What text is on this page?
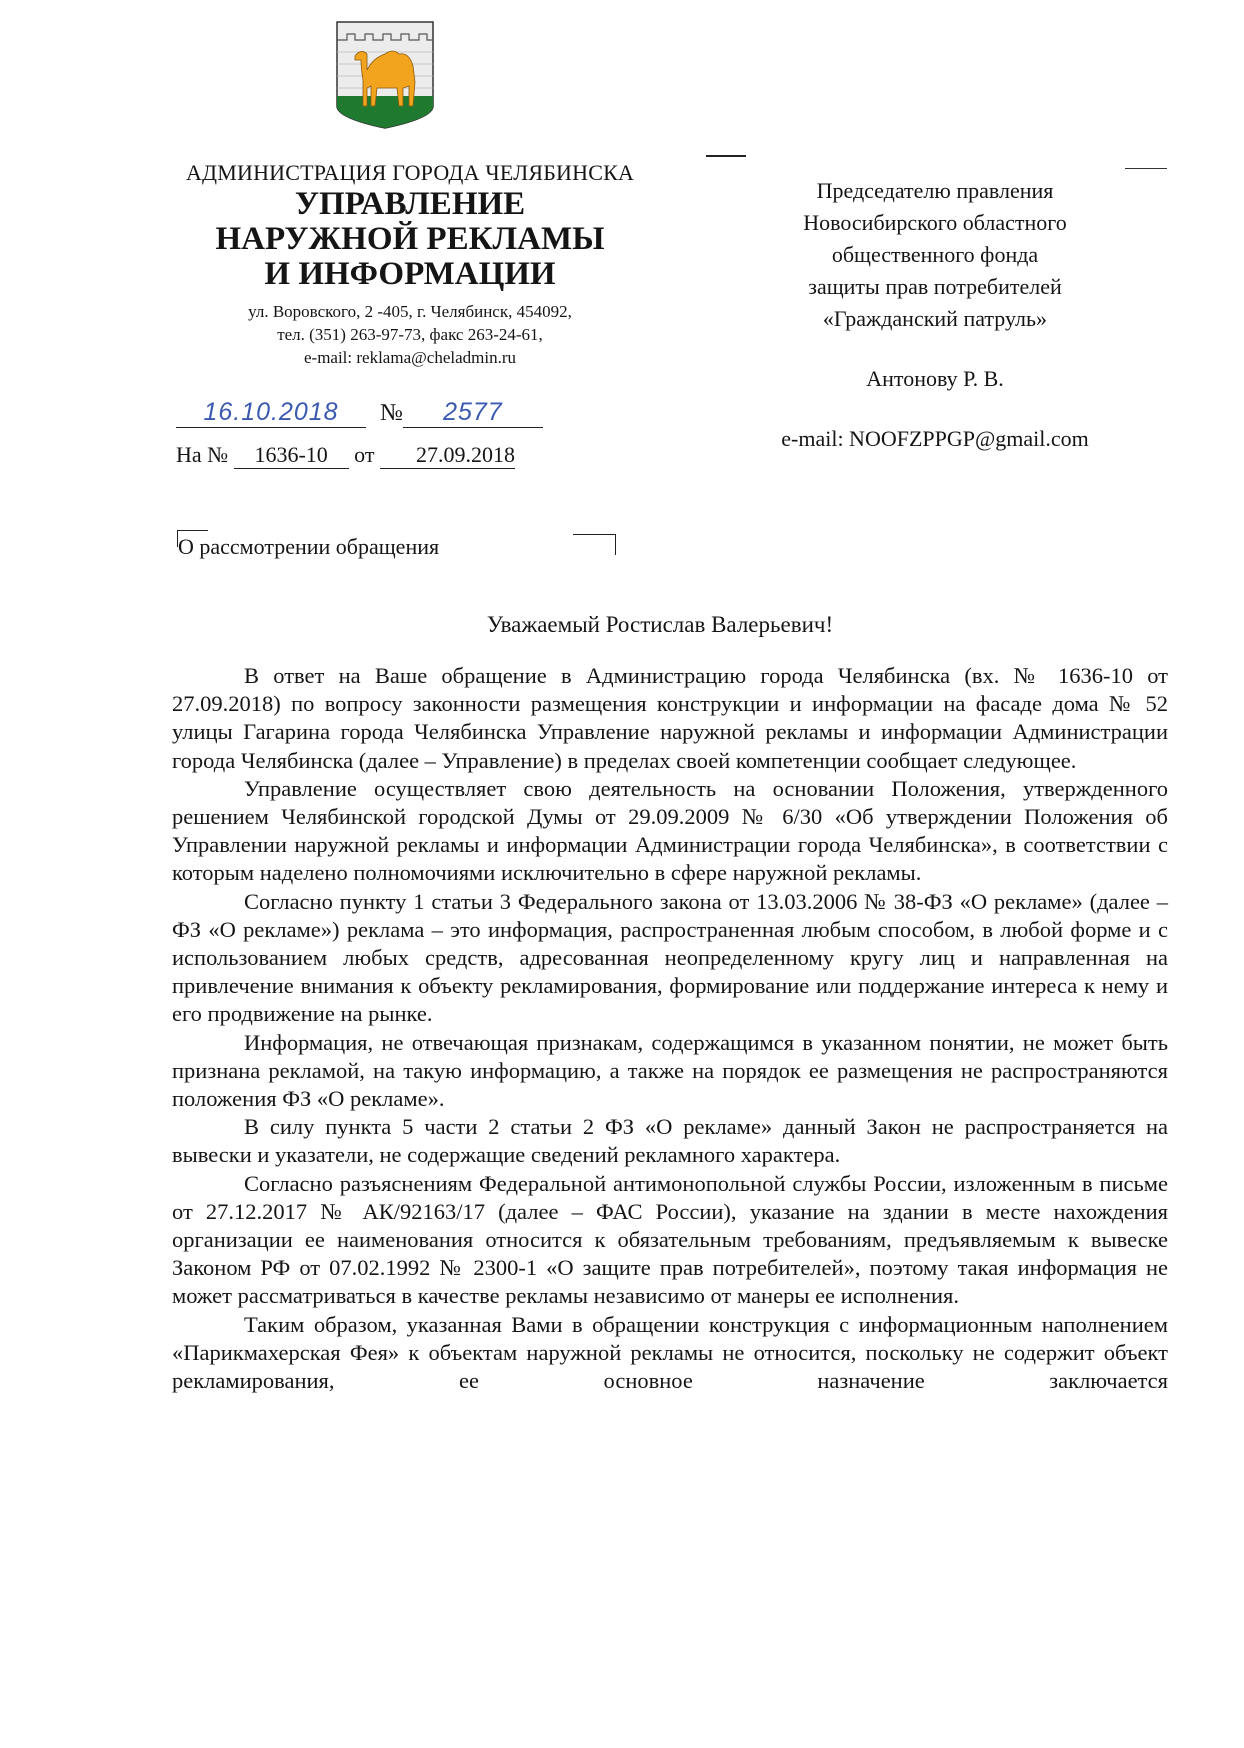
АДМИНИСТРАЦИЯ ГОРОДА ЧЕЛЯБИНСКА
УПРАВЛЕНИЕ
НАРУЖНОЙ РЕКЛАМЫ
И ИНФОРМАЦИИ
ул. Воровского, 2 -405, г. Челябинск, 454092,
тел. (351) 263-97-73, факс 263-24-61,
e-mail: reklama@cheladmin.ru
16.10.2018 № 2577
На № 1636-10 от 27.09.2018
О рассмотрении обращения
Председателю правления
Новосибирского областного
общественного фонда
защиты прав потребителей
«Гражданский патруль»
Антонову Р. В.
e-mail: NOOFZPPGP@gmail.com
Уважаемый Ростислав Валерьевич!

В ответ на Ваше обращение в Администрацию города Челябинска (вх. № 1636-10 от 27.09.2018) по вопросу законности размещения конструкции и информации на фасаде дома № 52 улицы Гагарина города Челябинска Управление наружной рекламы и информации Администрации города Челябинска (далее – Управление) в пределах своей компетенции сообщает следующее.

Управление осуществляет свою деятельность на основании Положения, утвержденного решением Челябинской городской Думы от 29.09.2009 № 6/30 «Об утверждении Положения об Управлении наружной рекламы и информации Администрации города Челябинска», в соответствии с которым наделено полномочиями исключительно в сфере наружной рекламы.

Согласно пункту 1 статьи 3 Федерального закона от 13.03.2006 № 38-ФЗ «О рекламе» (далее – ФЗ «О рекламе») реклама – это информация, распространенная любым способом, в любой форме и с использованием любых средств, адресованная неопределенному кругу лиц и направленная на привлечение внимания к объекту рекламирования, формирование или поддержание интереса к нему и его продвижение на рынке.

Информация, не отвечающая признакам, содержащимся в указанном понятии, не может быть признана рекламой, на такую информацию, а также на порядок ее размещения не распространяются положения ФЗ «О рекламе».

В силу пункта 5 части 2 статьи 2 ФЗ «О рекламе» данный Закон не распространяется на вывески и указатели, не содержащие сведений рекламного характера.

Согласно разъяснениям Федеральной антимонопольной службы России, изложенным в письме от 27.12.2017 № АК/92163/17 (далее – ФАС России), указание на здании в месте нахождения организации ее наименования относится к обязательным требованиям, предъявляемым к вывеске Законом РФ от 07.02.1992 № 2300-1 «О защите прав потребителей», поэтому такая информация не может рассматриваться в качестве рекламы независимо от манеры ее исполнения.

Таким образом, указанная Вами в обращении конструкция с информационным наполнением «Парикмахерская Фея» к объектам наружной рекламы не относится, поскольку не содержит объект рекламирования, ее основное назначение заключается
